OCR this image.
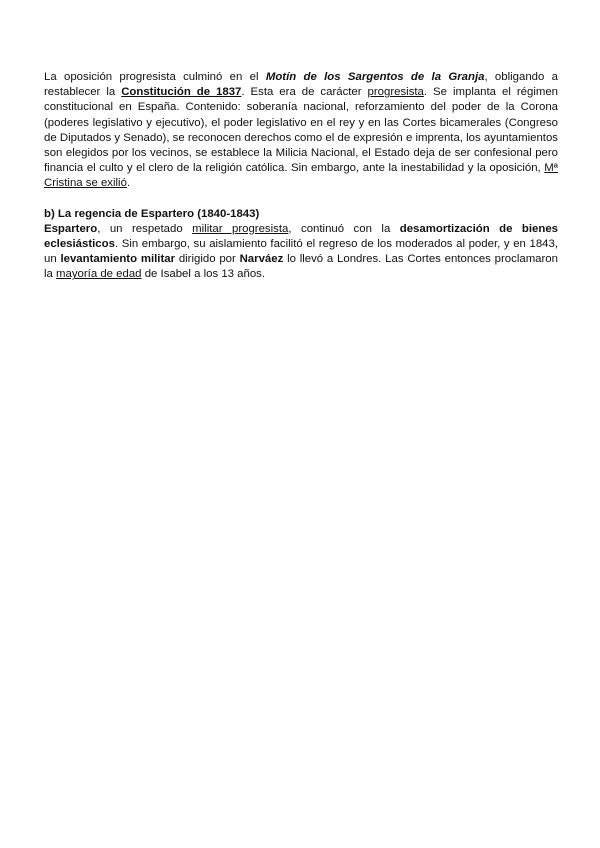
La oposición progresista culminó en el Motín de los Sargentos de la Granja, obligando a restablecer la Constitución de 1837. Esta era de carácter progresista. Se implanta el régimen constitucional en España. Contenido: soberanía nacional, reforzamiento del poder de la Corona (poderes legislativo y ejecutivo), el poder legislativo en el rey y en las Cortes bicamerales (Congreso de Diputados y Senado), se reconocen derechos como el de expresión e imprenta, los ayuntamientos son elegidos por los vecinos, se establece la Milicia Nacional, el Estado deja de ser confesional pero financia el culto y el clero de la religión católica. Sin embargo, ante la inestabilidad y la oposición, Mª Cristina se exilió.

b) La regencia de Espartero (1840-1843)

Espartero, un respetado militar progresista, continuó con la desamortización de bienes eclesiásticos. Sin embargo, su aislamiento facilitó el regreso de los moderados al poder, y en 1843, un levantamiento militar dirigido por Narváez lo llevó a Londres. Las Cortes entonces proclamaron la mayoría de edad de Isabel a los 13 años.
